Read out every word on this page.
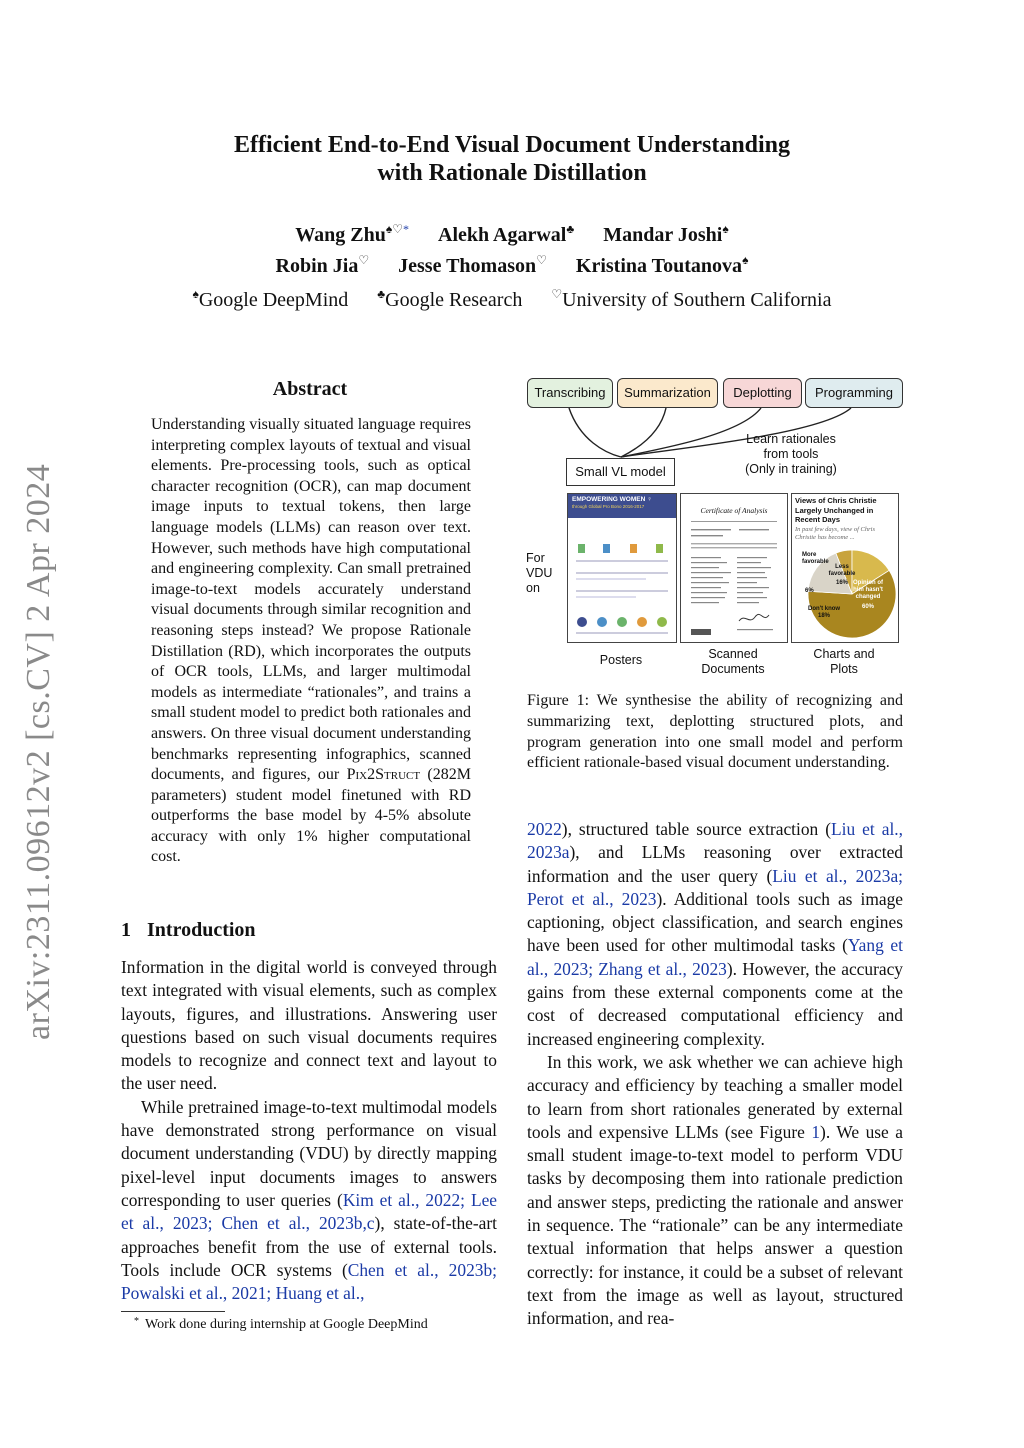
arXiv:2311.09612v2 [cs.CV] 2 Apr 2024
Efficient End-to-End Visual Document Understanding
with Rationale Distillation
Wang Zhu♠♡* Alekh Agarwal♣ Mandar Joshi♠
Robin Jia♡ Jesse Thomason♡ Kristina Toutanova♠
♠Google DeepMind ♣Google Research ♡University of Southern California
Abstract
Understanding visually situated language requires interpreting complex layouts of textual and visual elements. Pre-processing tools, such as optical character recognition (OCR), can map document image inputs to textual tokens, then large language models (LLMs) can reason over text. However, such methods have high computational and engineering complexity. Can small pretrained image-to-text models accurately understand visual documents through similar recognition and reasoning steps instead? We propose Rationale Distillation (RD), which incorporates the outputs of OCR tools, LLMs, and larger multimodal models as intermediate “rationales”, and trains a small student model to predict both rationales and answers. On three visual document understanding benchmarks representing infographics, scanned documents, and figures, our Pix2Struct (282M parameters) student model finetuned with RD outperforms the base model by 4-5% absolute accuracy with only 1% higher computational cost.
1 Introduction

Information in the digital world is conveyed through text integrated with visual elements, such as complex layouts, figures, and illustrations. Answering user questions based on such visual documents requires models to recognize and connect text and layout to the user need.

While pretrained image-to-text multimodal models have demonstrated strong performance on visual document understanding (VDU) by directly mapping pixel-level input documents images to answers corresponding to user queries (Kim et al., 2022; Lee et al., 2023; Chen et al., 2023b,c), state-of-the-art approaches benefit from the use of external tools. Tools include OCR systems (Chen et al., 2023b; Powalski et al., 2021; Huang et al.,

* Work done during internship at Google DeepMind
Transcribing	Summarization	Deplotting	Programming
Learn rationales
from tools
(Only in training)
Small VL model
For
VDU
on
EMPOWERING WOMEN ♀
through Global Pro Bono 2016-2017	Certificate of Analysis
Views of Chris Christie Largely Unchanged in Recent Days
In past few days, view of Chris Christie has become ...
More
favorable
6%
Less
favorable
16% Opinion of
him hasn't
changed
60%
Don't know
18%
Posters	Scanned
Documents
Charts and
Plots
Figure 1: We synthesise the ability of recognizing and summarizing text, deplotting structured plots, and program generation into one small model and perform efficient rationale-based visual document understanding.

2022), structured table source extraction (Liu et al., 2023a), and LLMs reasoning over extracted information and the user query (Liu et al., 2023a; Perot et al., 2023). Additional tools such as image captioning, object classification, and search engines have been used for other multimodal tasks (Yang et al., 2023; Zhang et al., 2023). However, the accuracy gains from these external components come at the cost of decreased computational efficiency and increased engineering complexity.

In this work, we ask whether we can achieve high accuracy and efficiency by teaching a smaller model to learn from short rationales generated by external tools and expensive LLMs (see Figure 1). We use a small student image-to-text model to perform VDU tasks by decomposing them into rationale prediction and answer steps, predicting the rationale and answer in sequence. The “rationale” can be any intermediate textual information that helps answer a question correctly: for instance, it could be a subset of relevant text from the image as well as layout, structured information, and rea-
